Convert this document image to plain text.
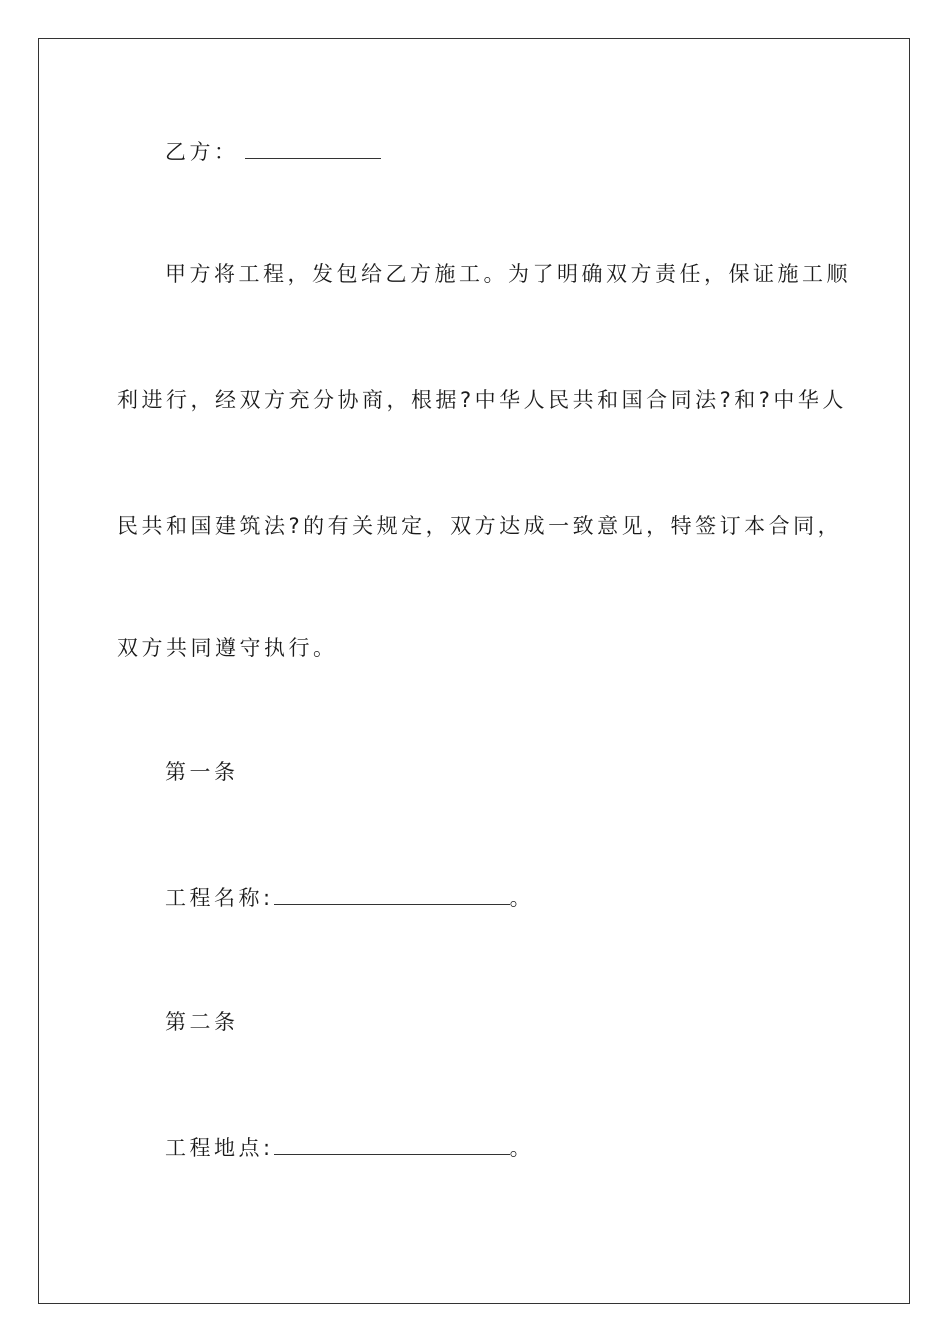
乙方：
甲方将工程，发包给乙方施工。为了明确双方责任，保证施工顺
利进行，经双方充分协商，根据?中华人民共和国合同法?和?中华人
民共和国建筑法?的有关规定，双方达成一致意见，特签订本合同，
双方共同遵守执行。
第一条
工程名称:	。
第二条
工程地点:	。
